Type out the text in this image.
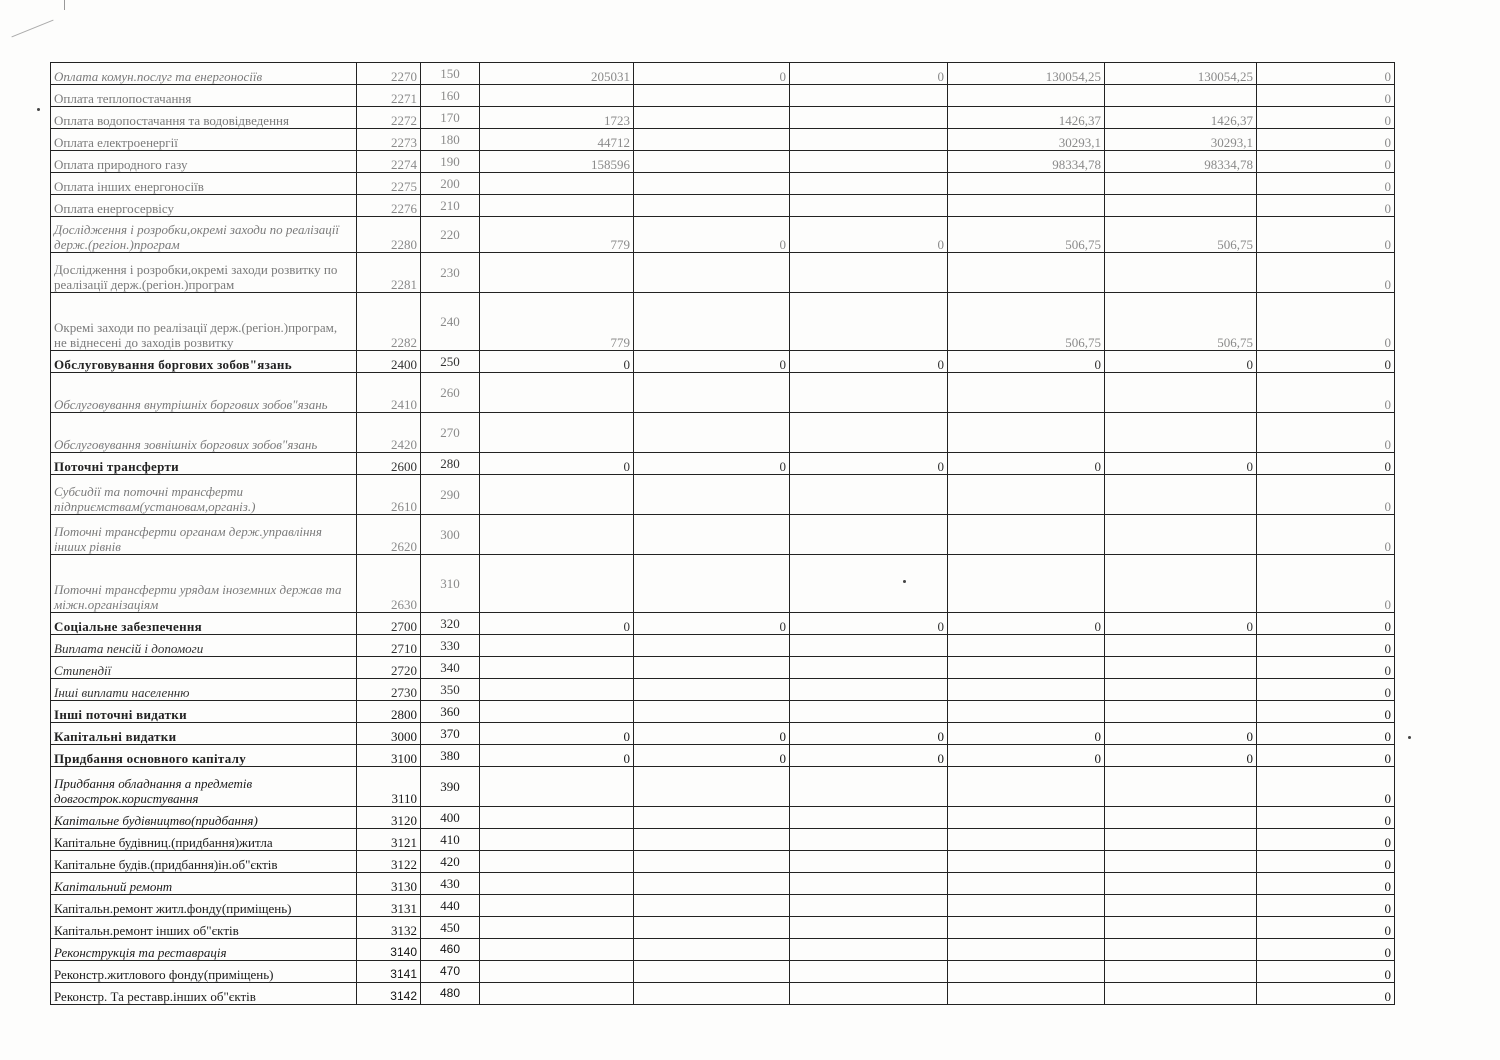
Оплата комун.послуг та енергоносіїв	2270	150	205031	0	0	130054,25	130054,25	0
Оплата теплопостачання	2271	160						0
Оплата водопостачання та водовідведення	2272	170	1723			1426,37	1426,37	0
Оплата електроенергії	2273	180	44712			30293,1	30293,1	0
Оплата природного газу	2274	190	158596			98334,78	98334,78	0
Оплата інших енергоносіїв	2275	200						0
Оплата енергосервісу	2276	210						0
Дослідження і розробки,окремі заходи по реалізації держ.(регіон.)програм	2280	220	779	0	0	506,75	506,75	0
Дослідження і розробки,окремі заходи розвитку по реалізації держ.(регіон.)програм	2281	230						0
Окремі заходи по реалізації держ.(регіон.)програм, не віднесені до заходів розвитку	2282	240	779			506,75	506,75	0
Обслуговування боргових зобов"язань	2400	250	0	0	0	0	0	0
Обслуговування внутрішніх боргових зобов"язань	2410	260						0
Обслуговування зовнішніх боргових зобов"язань	2420	270						0
Поточні трансферти	2600	280	0	0	0	0	0	0
Субсидії та поточні трансферти підприємствам(установам,організ.)	2610	290						0
Поточні трансферти органам держ.управління інших рівнів	2620	300						0
Поточні трансферти урядам іноземних держав та міжн.організаціям	2630	310						0
Соціальне забезпечення	2700	320	0	0	0	0	0	0
Виплата пенсій і допомоги	2710	330						0
Стипендії	2720	340						0
Інші виплати населенню	2730	350						0
Інші поточні видатки	2800	360						0
Капітальні видатки	3000	370	0	0	0	0	0	0
Придбання основного капіталу	3100	380	0	0	0	0	0	0
Придбання обладнання а предметів довгострок.користування	3110	390						0
Капітальне будівництво(придбання)	3120	400						0
Капітальне будівниц.(придбання)житла	3121	410						0
Капітальне будів.(придбання)ін.об"єктів	3122	420						0
Капітальний ремонт	3130	430						0
Капітальн.ремонт житл.фонду(приміщень)	3131	440						0
Капітальн.ремонт інших об"єктів	3132	450						0
Реконструкція та реставрація	3140	460						0
Реконстр.житлового фонду(приміщень)	3141	470						0
Реконстр. Та реставр.інших об"єктів	3142	480						0
